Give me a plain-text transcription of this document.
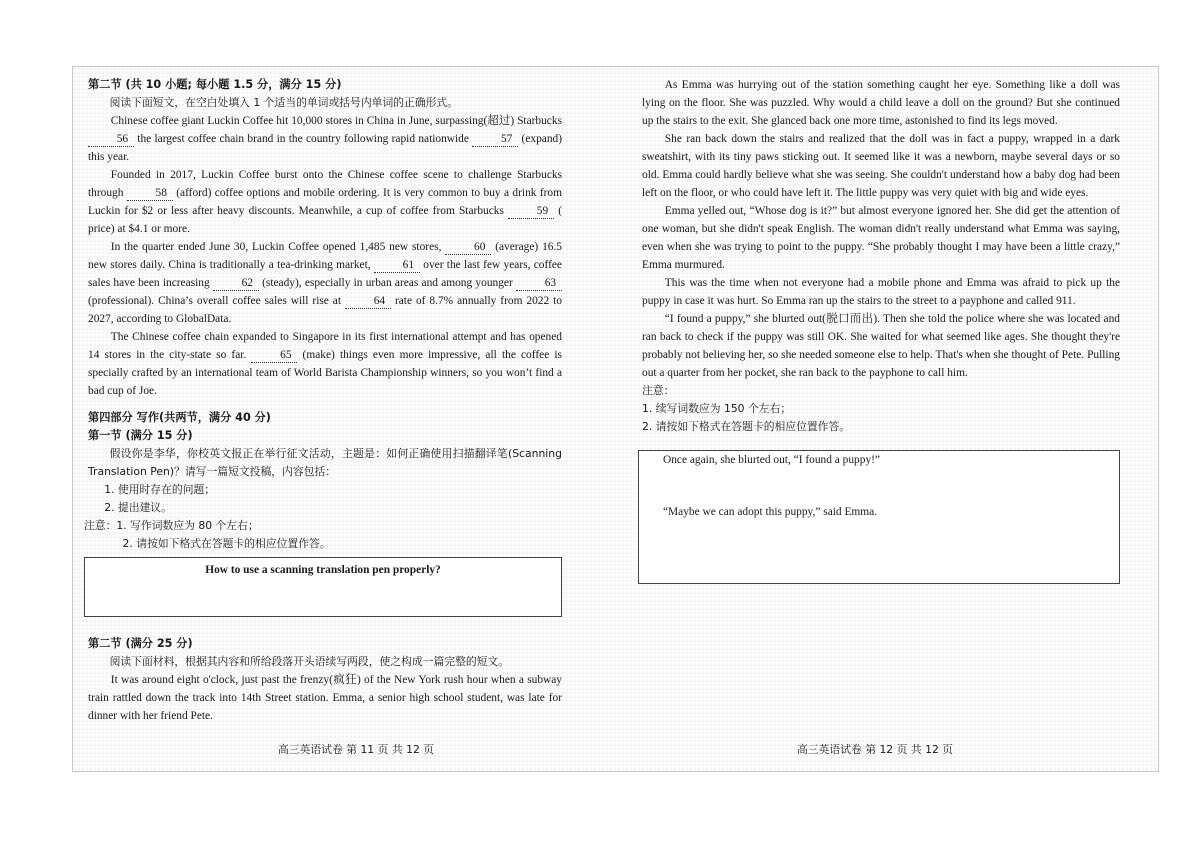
第二节 (共 10 小题; 每小题 1.5 分，满分 15 分)

阅读下面短文，在空白处填入 1 个适当的单词或括号内单词的正确形式。

Chinese coffee giant Luckin Coffee hit 10,000 stores in China in June, surpassing(超过) Starbucks 56 the largest coffee chain brand in the country following rapid nationwide	57 (expand) this year.

Founded in 2017, Luckin Coffee burst onto the Chinese coffee scene to challenge Starbucks through	58 (afford) coffee options and mobile ordering. It is very common to buy a drink from Luckin for $2 or less after heavy discounts. Meanwhile, a cup of coffee from Starbucks	59 ( price) at $4.1 or more.

In the quarter ended June 30, Luckin Coffee opened 1,485 new stores,	60 (average) 16.5 new stores daily. China is traditionally a tea-drinking market,	61 over the last few years, coffee sales have been increasing	62 (steady), especially in urban areas and among younger	63 (professional). China’s overall coffee sales will rise at	64 rate of 8.7% annually from 2022 to 2027, according to GlobalData.

The Chinese coffee chain expanded to Singapore in its first international attempt and has opened 14 stores in the city-state so far.	65 (make) things even more impressive, all the coffee is specially crafted by an international team of World Barista Championship winners, so you won’t find a bad cup of Joe.

第四部分 写作(共两节，满分 40 分)

第一节 (满分 15 分)

假设你是李华，你校英文报正在举行征文活动，主题是：如何正确使用扫描翻译笔(Scanning Translation Pen)？请写一篇短文投稿，内容包括：

1. 使用时存在的问题；

2. 提出建议。

注意：1. 写作词数应为 80 个左右；

2. 请按如下格式在答题卡的相应位置作答。

How to use a scanning translation pen properly?

第二节 (满分 25 分)

阅读下面材料，根据其内容和所给段落开头语续写两段，使之构成一篇完整的短文。

It was around eight o'clock, just past the frenzy(疯狂) of the New York rush hour when a subway train rattled down the track into 14th Street station. Emma, a senior high school student, was late for dinner with her friend Pete.

As Emma was hurrying out of the station something caught her eye. Something like a doll was lying on the floor. She was puzzled. Why would a child leave a doll on the ground? But she continued up the stairs to the exit. She glanced back one more time, astonished to find its legs moved.

She ran back down the stairs and realized that the doll was in fact a puppy, wrapped in a dark sweatshirt, with its tiny paws sticking out. It seemed like it was a newborn, maybe several days or so old. Emma could hardly believe what she was seeing. She couldn't understand how a baby dog had been left on the floor, or who could have left it. The little puppy was very quiet with big and wide eyes.

Emma yelled out, “Whose dog is it?” but almost everyone ignored her. She did get the attention of one woman, but she didn't speak English. The woman didn't really understand what Emma was saying, even when she was trying to point to the puppy. “She probably thought I may have been a little crazy,” Emma murmured.

This was the time when not everyone had a mobile phone and Emma was afraid to pick up the puppy in case it was hurt. So Emma ran up the stairs to the street to a payphone and called 911.

“I found a puppy,” she blurted out(脱口而出). Then she told the police where she was located and ran back to check if the puppy was still OK. She waited for what seemed like ages. She thought they're probably not believing her, so she needed someone else to help. That's when she thought of Pete. Pulling out a quarter from her pocket, she ran back to the payphone to call him.

注意：

1. 续写词数应为 150 个左右；

2. 请按如下格式在答题卡的相应位置作答。

Once again, she blurted out, “I found a puppy!”
“Maybe we can adopt this puppy,” said Emma.
高三英语试卷 第 11 页 共 12 页	高三英语试卷 第 12 页 共 12 页
